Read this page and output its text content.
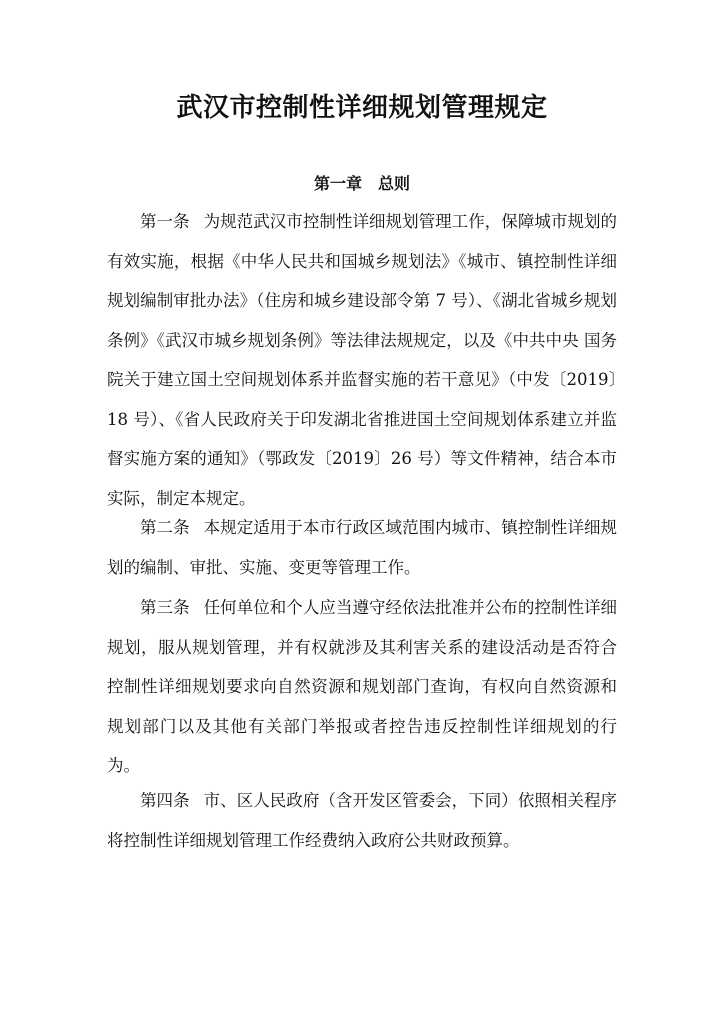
武汉市控制性详细规划管理规定
第一章　总则

第一条 为规范武汉市控制性详细规划管理工作，保障城市规划的有效实施，根据《中华人民共和国城乡规划法》《城市、镇控制性详细规划编制审批办法》（住房和城乡建设部令第 7 号）、《湖北省城乡规划条例》《武汉市城乡规划条例》等法律法规规定，以及《中共中央 国务院关于建立国土空间规划体系并监督实施的若干意见》（中发〔2019〕18 号）、《省人民政府关于印发湖北省推进国土空间规划体系建立并监督实施方案的通知》（鄂政发〔2019〕26 号）等文件精神，结合本市实际，制定本规定。

第二条 本规定适用于本市行政区域范围内城市、镇控制性详细规划的编制、审批、实施、变更等管理工作。

第三条 任何单位和个人应当遵守经依法批准并公布的控制性详细规划，服从规划管理，并有权就涉及其利害关系的建设活动是否符合控制性详细规划要求向自然资源和规划部门查询，有权向自然资源和规划部门以及其他有关部门举报或者控告违反控制性详细规划的行为。

第四条 市、区人民政府（含开发区管委会，下同）依照相关程序将控制性详细规划管理工作经费纳入政府公共财政预算。
